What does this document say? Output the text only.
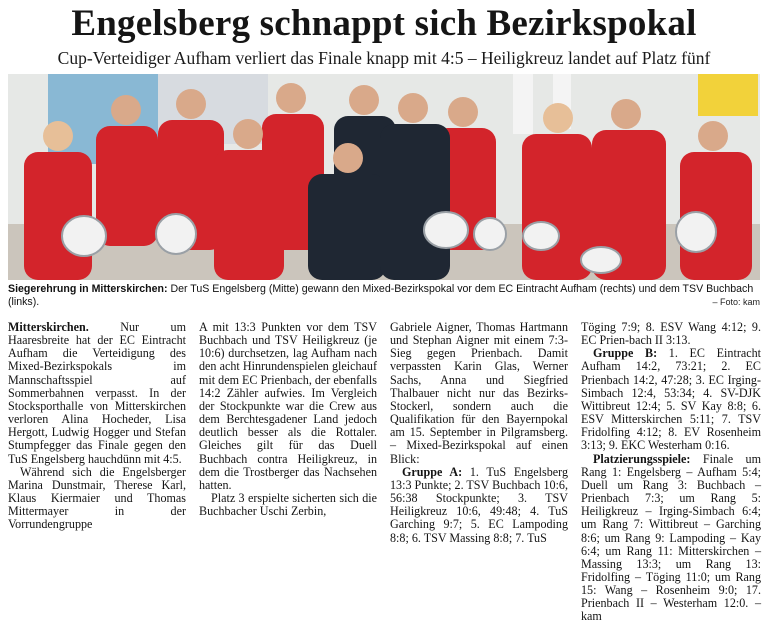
Engelsberg schnappt sich Bezirkspokal
Cup-Verteidiger Aufham verliert das Finale knapp mit 4:5 – Heiligkreuz landet auf Platz fünf
Siegerehrung in Mitterskirchen: Der TuS Engelsberg (Mitte) gewann den Mixed-Bezirkspokal vor dem EC Eintracht Aufham (rechts) und dem TSV Buchbach (links).	– Foto: kam

Mitterskirchen. Nur um Haaresbreite hat der EC Eintracht Aufham die Verteidigung des Mixed-Bezirkspokals im Mannschaftsspiel auf Sommerbahnen verpasst. In der Stocksporthalle von Mitterskirchen verloren Alina Hocheder, Lisa Hergott, Ludwig Hogger und Stefan Stumpfegger das Finale gegen den TuS Engelsberg hauchdünn mit 4:5.

Während sich die Engelsberger Marina Dunstmair, Therese Karl, Klaus Kiermaier und Thomas Mittermayer in der Vorrundengruppe

A mit 13:3 Punkten vor dem TSV Buchbach und TSV Heiligkreuz (je 10:6) durchsetzen, lag Aufham nach den acht Hinrundenspielen gleichauf mit dem EC Prienbach, der ebenfalls 14:2 Zähler aufwies. Im Vergleich der Stockpunkte war die Crew aus dem Berchtesgadener Land jedoch deutlich besser als die Rottaler. Gleiches gilt für das Duell Buchbach contra Heiligkreuz, in dem die Trostberger das Nachsehen hatten.

Platz 3 erspielte sicherten sich die Buchbacher Uschi Zerbin,

Gabriele Aigner, Thomas Hartmann und Stephan Aigner mit einem 7:3-Sieg gegen Prienbach. Damit verpassten Karin Glas, Werner Sachs, Anna und Siegfried Thalbauer nicht nur das Bezirks-Stockerl, sondern auch die Qualifikation für den Bayernpokal am 15. September in Pilgramsberg. – Mixed-Bezirkspokal auf einen Blick:

Gruppe A: 1. TuS Engelsberg 13:3 Punkte; 2. TSV Buchbach 10:6, 56:38 Stockpunkte; 3. TSV Heiligkreuz 10:6, 49:48; 4. TuS Garching 9:7; 5. EC Lampoding 8:8; 6. TSV Massing 8:8; 7. TuS

Töging 7:9; 8. ESV Wang 4:12; 9. EC Prien-bach II 3:13.

Gruppe B: 1. EC Eintracht Aufham 14:2, 73:21; 2. EC Prienbach 14:2, 47:28; 3. EC Irging-Simbach 12:4, 53:34; 4. SV-DJK Wittibreut 12:4; 5. SV Kay 8:8; 6. ESV Mitterskirchen 5:11; 7. TSV Fridolfing 4:12; 8. EV Rosenheim 3:13; 9. EKC Westerham 0:16.

Platzierungsspiele: Finale um Rang 1: Engelsberg – Aufham 5:4; Duell um Rang 3: Buchbach – Prienbach 7:3; um Rang 5: Heiligkreuz – Irging-Simbach 6:4; um Rang 7: Wittibreut – Garching 8:6; um Rang 9: Lampoding – Kay 6:4; um Rang 11: Mitterskirchen – Massing 13:3; um Rang 13: Fridolfing – Töging 11:0; um Rang 15: Wang – Rosenheim 9:0; 17. Prienbach II – Westerham 12:0. – kam
